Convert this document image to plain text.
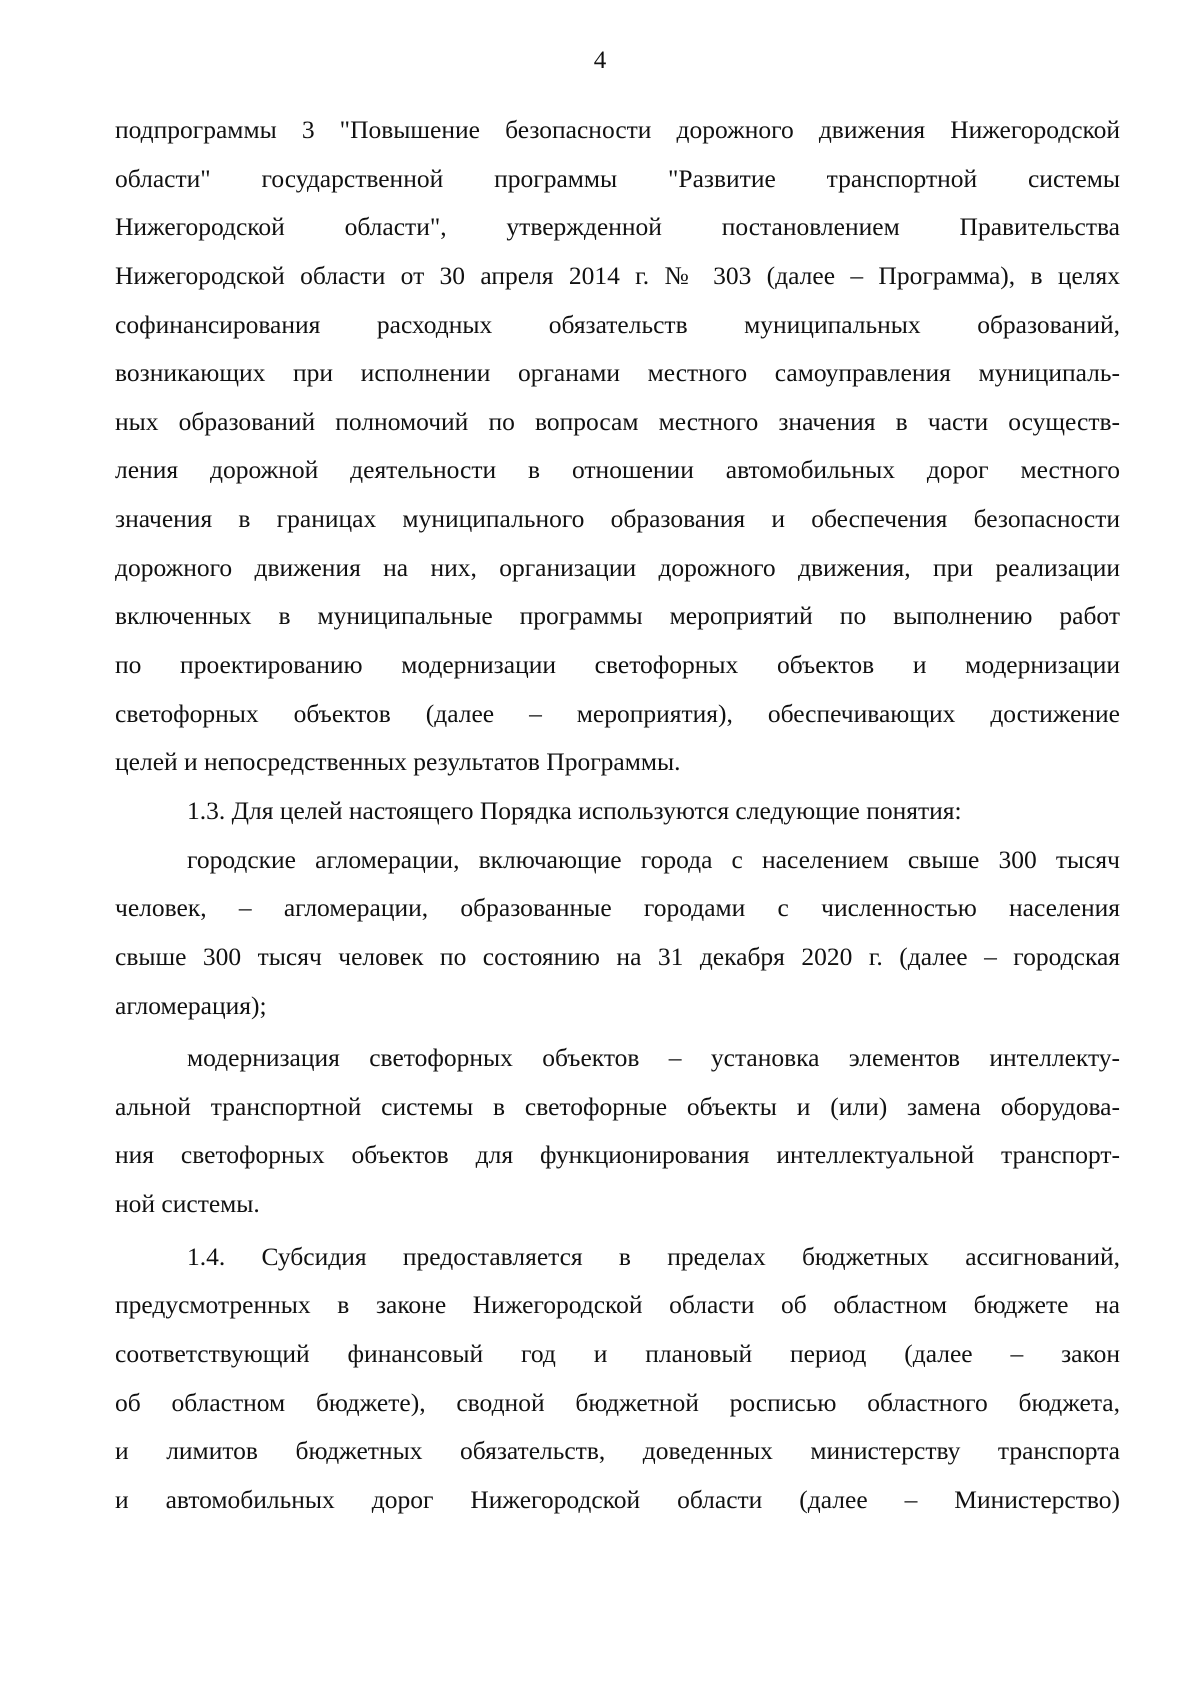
4
подпрограммы 3 "Повышение безопасности дорожного движения Нижегородской
области" государственной программы "Развитие транспортной системы
Нижегородской области", утвержденной постановлением Правительства
Нижегородской области от 30 апреля 2014 г. № 303 (далее – Программа), в целях
софинансирования расходных обязательств муниципальных образований,
возникающих при исполнении органами местного самоуправления муниципаль-
ных образований полномочий по вопросам местного значения в части осуществ-
ления дорожной деятельности в отношении автомобильных дорог местного
значения в границах муниципального образования и обеспечения безопасности
дорожного движения на них, организации дорожного движения, при реализации
включенных в муниципальные программы мероприятий по выполнению работ
по проектированию модернизации светофорных объектов и модернизации
светофорных объектов (далее – мероприятия), обеспечивающих достижение
целей и непосредственных результатов Программы.
1.3. Для целей настоящего Порядка используются следующие понятия:
городские агломерации, включающие города с населением свыше 300 тысяч
человек, – агломерации, образованные городами с численностью населения
свыше 300 тысяч человек по состоянию на 31 декабря 2020 г. (далее – городская
агломерация);
модернизация светофорных объектов – установка элементов интеллекту-
альной транспортной системы в светофорные объекты и (или) замена оборудова-
ния светофорных объектов для функционирования интеллектуальной транспорт-
ной системы.
1.4. Субсидия предоставляется в пределах бюджетных ассигнований,
предусмотренных в законе Нижегородской области об областном бюджете на
соответствующий финансовый год и плановый период (далее – закон
об областном бюджете), сводной бюджетной росписью областного бюджета,
и лимитов бюджетных обязательств, доведенных министерству транспорта
и автомобильных дорог Нижегородской области (далее – Министерство)
